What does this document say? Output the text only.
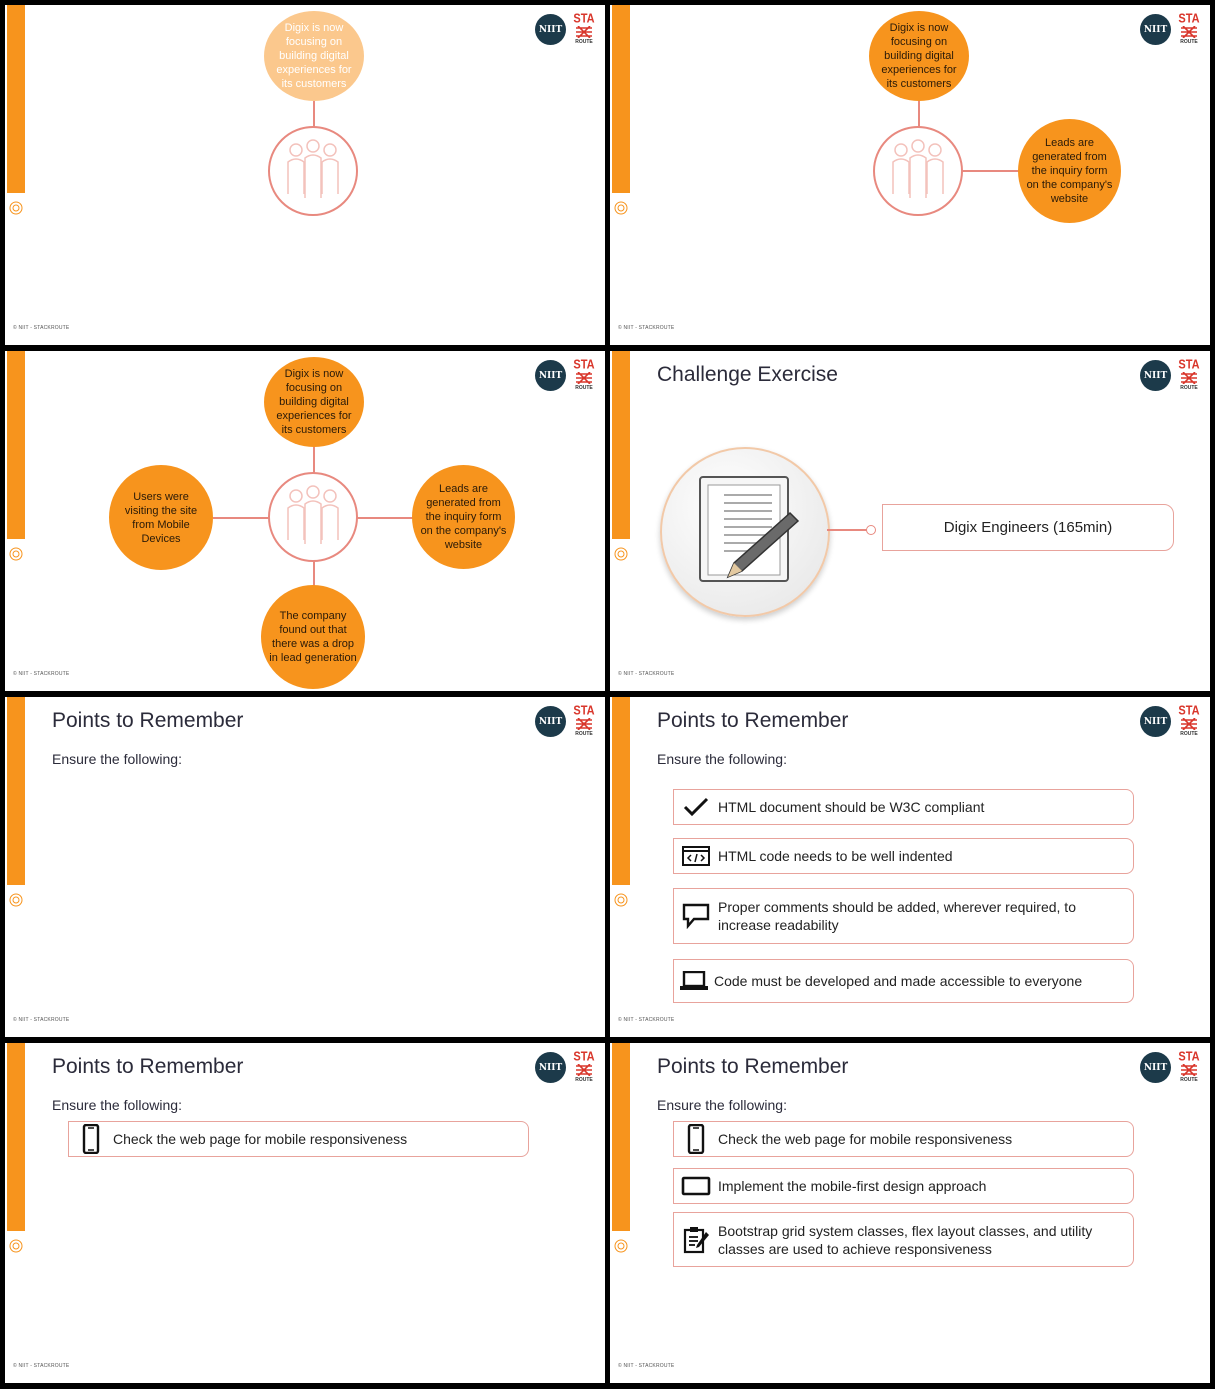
NIIT
STA
ROUTE
Digix is now focusing on building digital experiences for its customers
© NIIT - STACKROUTE
NIIT
STA
ROUTE
Digix is now focusing on building digital experiences for its customers
Leads are generated from the inquiry form on the company's website
© NIIT - STACKROUTE
NIIT
STA
ROUTE
Digix is now focusing on building digital experiences for its customers
Users were visiting the site from Mobile Devices
Leads are generated from the inquiry form on the company's website
The company found out that there was a drop in lead generation
© NIIT - STACKROUTE
NIIT
STA
ROUTE
Challenge Exercise
Digix Engineers (165min)
© NIIT - STACKROUTE
NIIT
STA
ROUTE
Points to Remember
Ensure the following:
© NIIT - STACKROUTE
NIIT
STA
ROUTE
Points to Remember
Ensure the following:
HTML document should be W3C compliant
HTML code needs to be well indented
Proper comments should be added, wherever required, to increase readability
Code must be developed and made accessible to everyone
© NIIT - STACKROUTE
NIIT
STA
ROUTE
Points to Remember
Ensure the following:
Check the web page for mobile responsiveness
© NIIT - STACKROUTE
NIIT
STA
ROUTE
Points to Remember
Ensure the following:
Check the web page for mobile responsiveness
Implement the mobile-first design approach
Bootstrap grid system classes, flex layout classes, and utility classes are used to achieve responsiveness
© NIIT - STACKROUTE
